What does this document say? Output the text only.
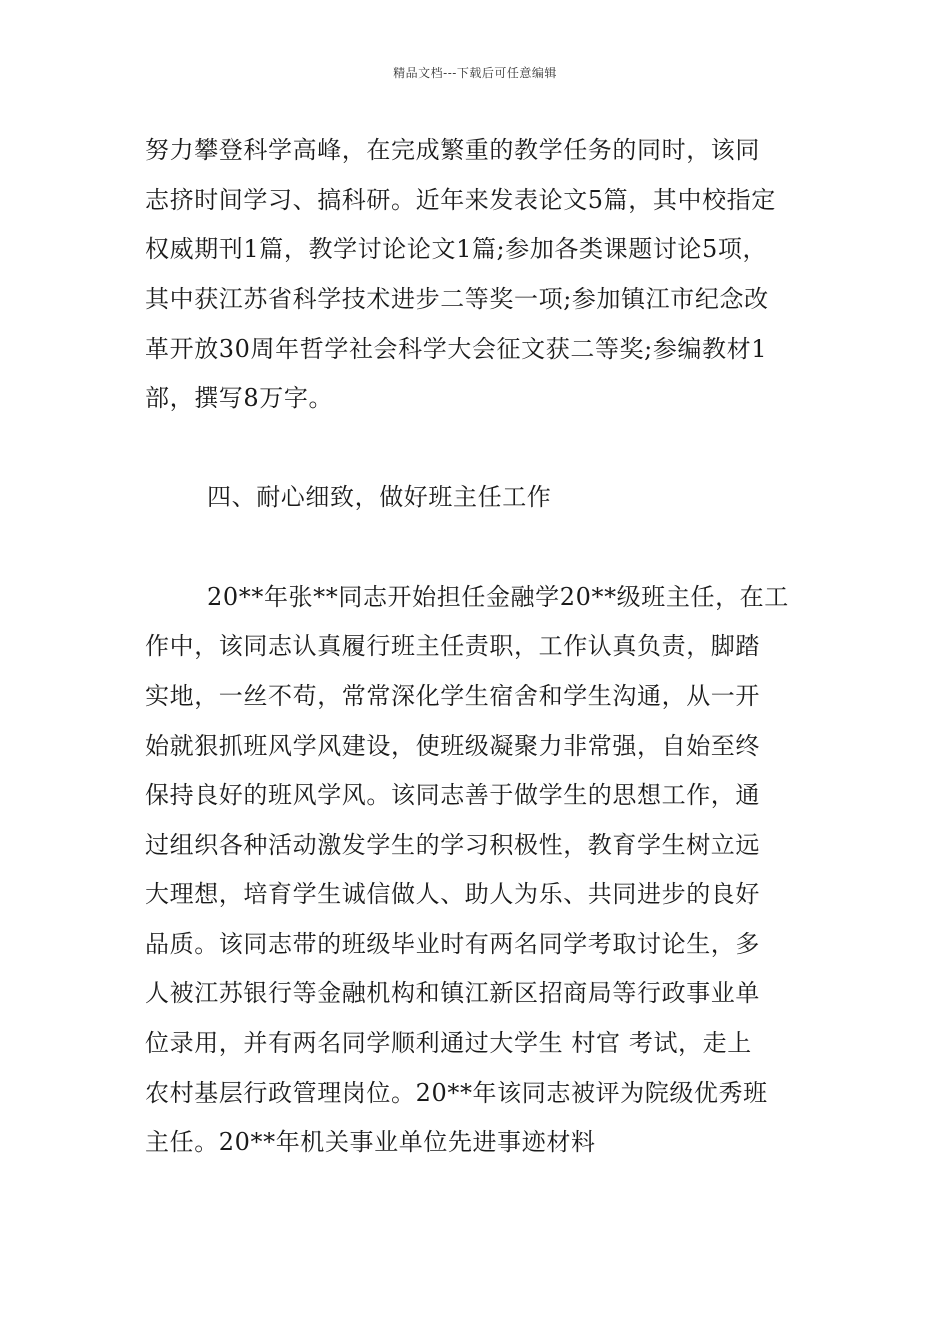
精品文档---下载后可任意编辑
努力攀登科学高峰，在完成繁重的教学任务的同时，该同
志挤时间学习、搞科研。近年来发表论文5篇，其中校指定
权威期刊1篇，教学讨论论文1篇;参加各类课题讨论5项，
其中获江苏省科学技术进步二等奖一项;参加镇江市纪念改
革开放30周年哲学社会科学大会征文获二等奖;参编教材1
部，撰写8万字。
四、耐心细致，做好班主任工作
20**年张**同志开始担任金融学20**级班主任，在工
作中，该同志认真履行班主任责职，工作认真负责，脚踏
实地，一丝不苟，常常深化学生宿舍和学生沟通，从一开
始就狠抓班风学风建设，使班级凝聚力非常强，自始至终
保持良好的班风学风。该同志善于做学生的思想工作，通
过组织各种活动激发学生的学习积极性，教育学生树立远
大理想，培育学生诚信做人、助人为乐、共同进步的良好
品质。该同志带的班级毕业时有两名同学考取讨论生，多
人被江苏银行等金融机构和镇江新区招商局等行政事业单
位录用，并有两名同学顺利通过大学生 村官 考试，走上
农村基层行政管理岗位。20**年该同志被评为院级优秀班
主任。20**年机关事业单位先进事迹材料
